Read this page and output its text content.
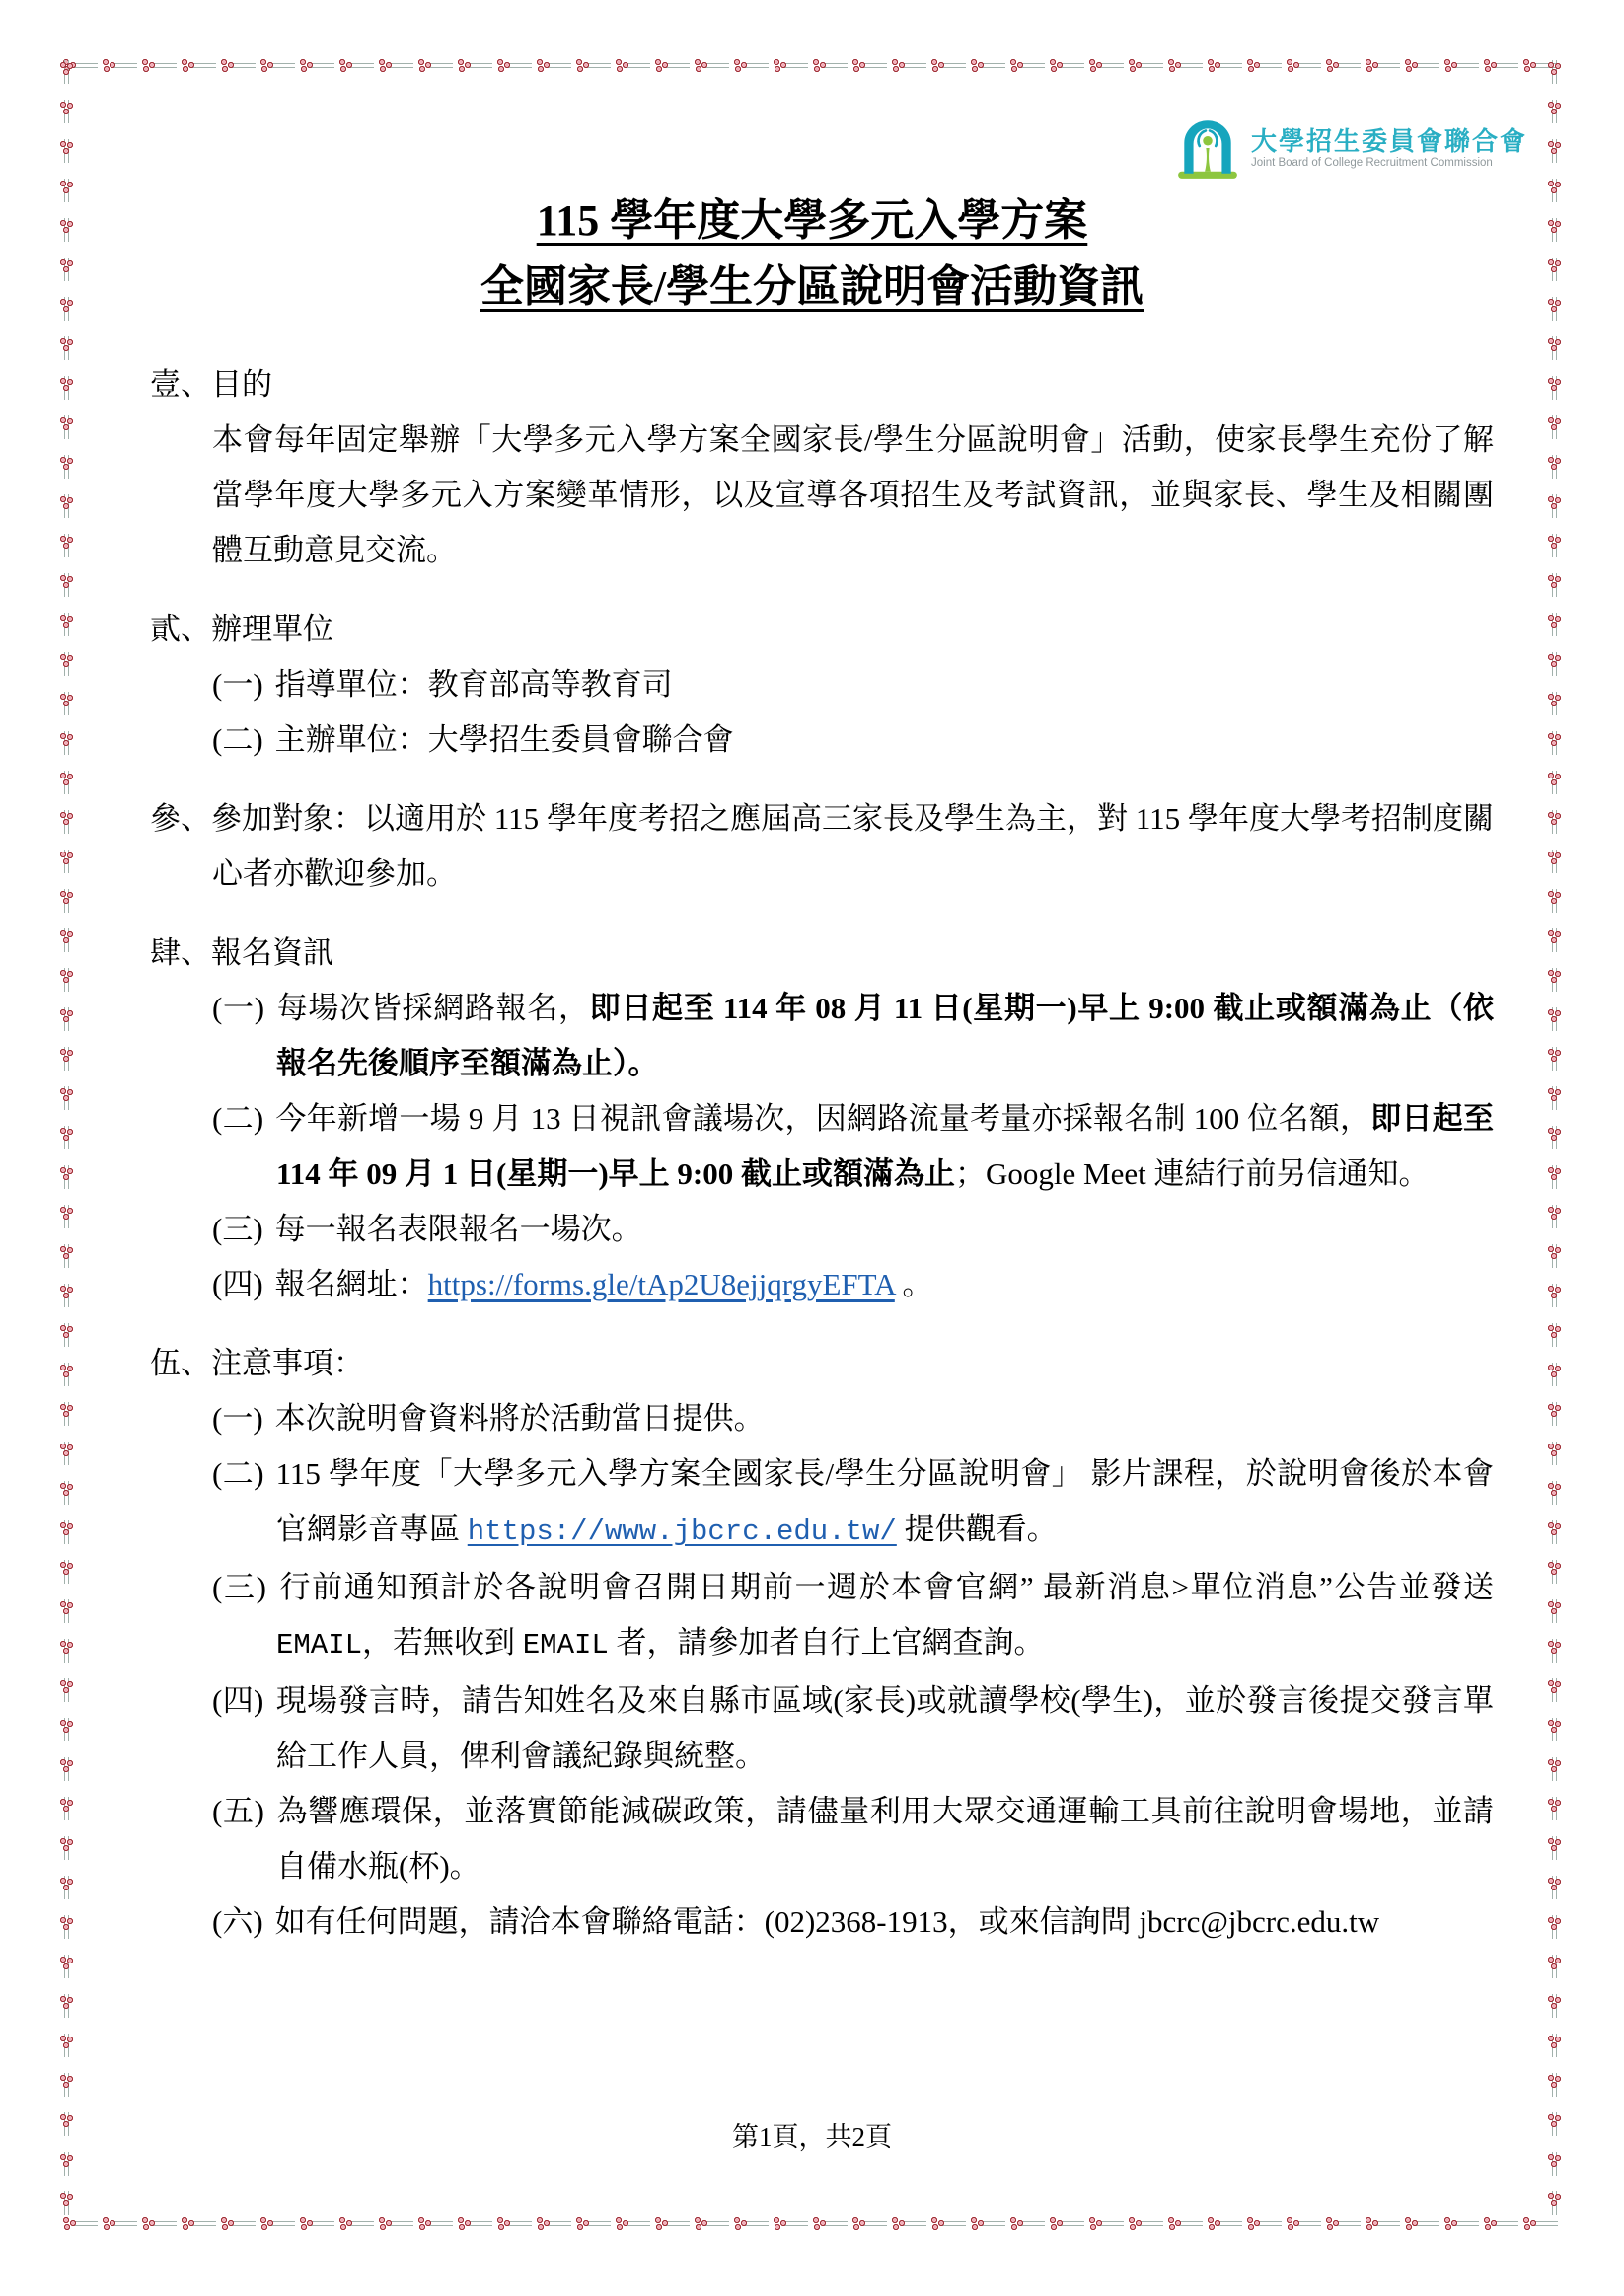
大學招生委員會聯合會
Joint Board of College Recruitment Commission
115 學年度大學多元入學方案
全國家長/學生分區說明會活動資訊
壹、目的
本會每年固定舉辦「大學多元入學方案全國家長/學生分區說明會」活動，使家長學生充份了解當學年度大學多元入方案變革情形，以及宣導各項招生及考試資訊，並與家長、學生及相關團體互動意見交流。
貳、辦理單位
(一) 指導單位：教育部高等教育司
(二) 主辦單位：大學招生委員會聯合會
參、參加對象：以適用於 115 學年度考招之應屆高三家長及學生為主，對 115 學年度大學考招制度關心者亦歡迎參加。
肆、報名資訊
(一) 每場次皆採網路報名，即日起至 114 年 08 月 11 日(星期一)早上 9:00 截止或額滿為止（依報名先後順序至額滿為止）。
(二) 今年新增一場 9 月 13 日視訊會議場次，因網路流量考量亦採報名制 100 位名額，即日起至 114 年 09 月 1 日(星期一)早上 9:00 截止或額滿為止；Google Meet 連結行前另信通知。
(三) 每一報名表限報名一場次。
(四) 報名網址：https://forms.gle/tAp2U8ejjqrgyEFTA 。
伍、注意事項：
(一) 本次說明會資料將於活動當日提供。
(二) 115 學年度「大學多元入學方案全國家長/學生分區說明會」 影片課程，於說明會後於本會官網影音專區 https://www.jbcrc.edu.tw/ 提供觀看。
(三) 行前通知預計於各說明會召開日期前一週於本會官網” 最新消息>單位消息”公告並發送 EMAIL，若無收到 EMAIL 者，請參加者自行上官網查詢。
(四) 現場發言時，請告知姓名及來自縣市區域(家長)或就讀學校(學生)，並於發言後提交發言單給工作人員，俾利會議紀錄與統整。
(五) 為響應環保，並落實節能減碳政策，請儘量利用大眾交通運輸工具前往說明會場地，並請自備水瓶(杯)。
(六) 如有任何問題，請洽本會聯絡電話：(02)2368-1913，或來信詢問 jbcrc@jbcrc.edu.tw
第1頁，共2頁
